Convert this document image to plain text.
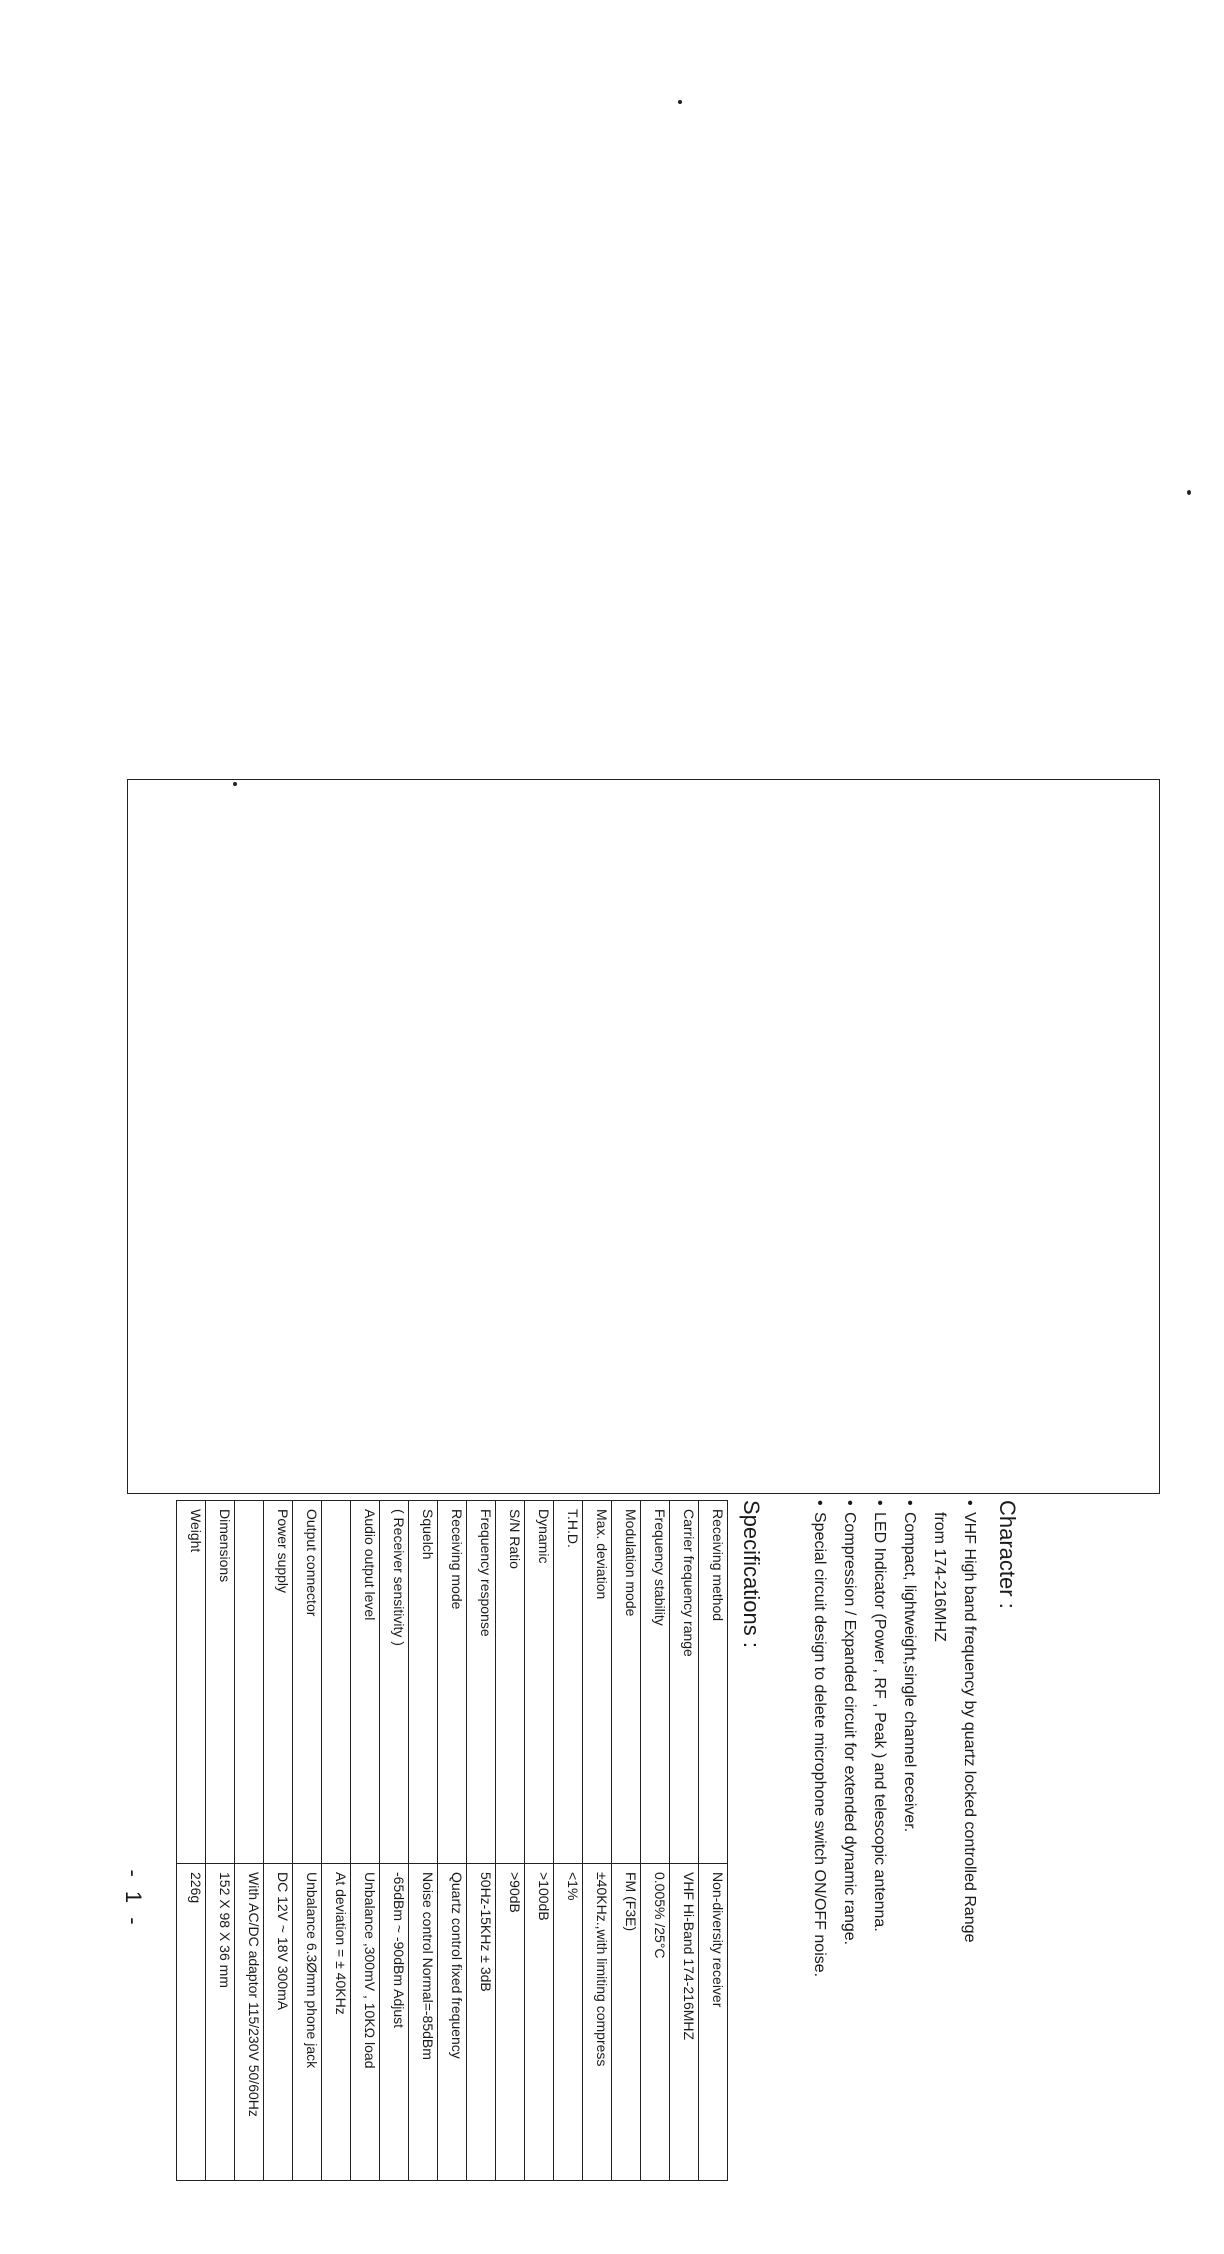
Character :
•
VHF High band frequency by quartz locked controlled Range
from 174-216MHZ
•
Compact, lightweight,single channel receiver.
•
LED Indicator (Power , RF , Peak ) and telescopic antenna.
•
Compression / Expanded circuit for extended dynamic range.
•
Special circuit design to delete microphone switch ON/OFF noise.
Specifications :
Receiving method	Non-diversity receiver
Carrier frequency range	VHF Hi-Band 174-216MHZ
Frequency stability	0.005% /25°C
Modulation mode	FM (F3E)
Max. deviation	±40KHz.,with limiting compress
T.H.D.	<1%
Dynamic	>100dB
S/N Ratio	>90dB
Frequency response	50Hz-15KHz ± 3dB
Receiving mode	Quartz control fixed frequency
Squelch	Noise control Normal=-85dBm
( Receiver sensitivity )	-65dBm ~ -90dBm Adjust
Audio output level	Unbalance ,300mV , 10KΩ load
	At deviation = ± 40KHz
Output connector	Unbalance 6.3Ømm phone jack
Power supply	DC 12V ~ 18V 300mA
	With AC/DC adaptor 115/230V 50/60Hz
Dimensions	152 X 98 X 36 mm
Weight	226g
- 1 -
